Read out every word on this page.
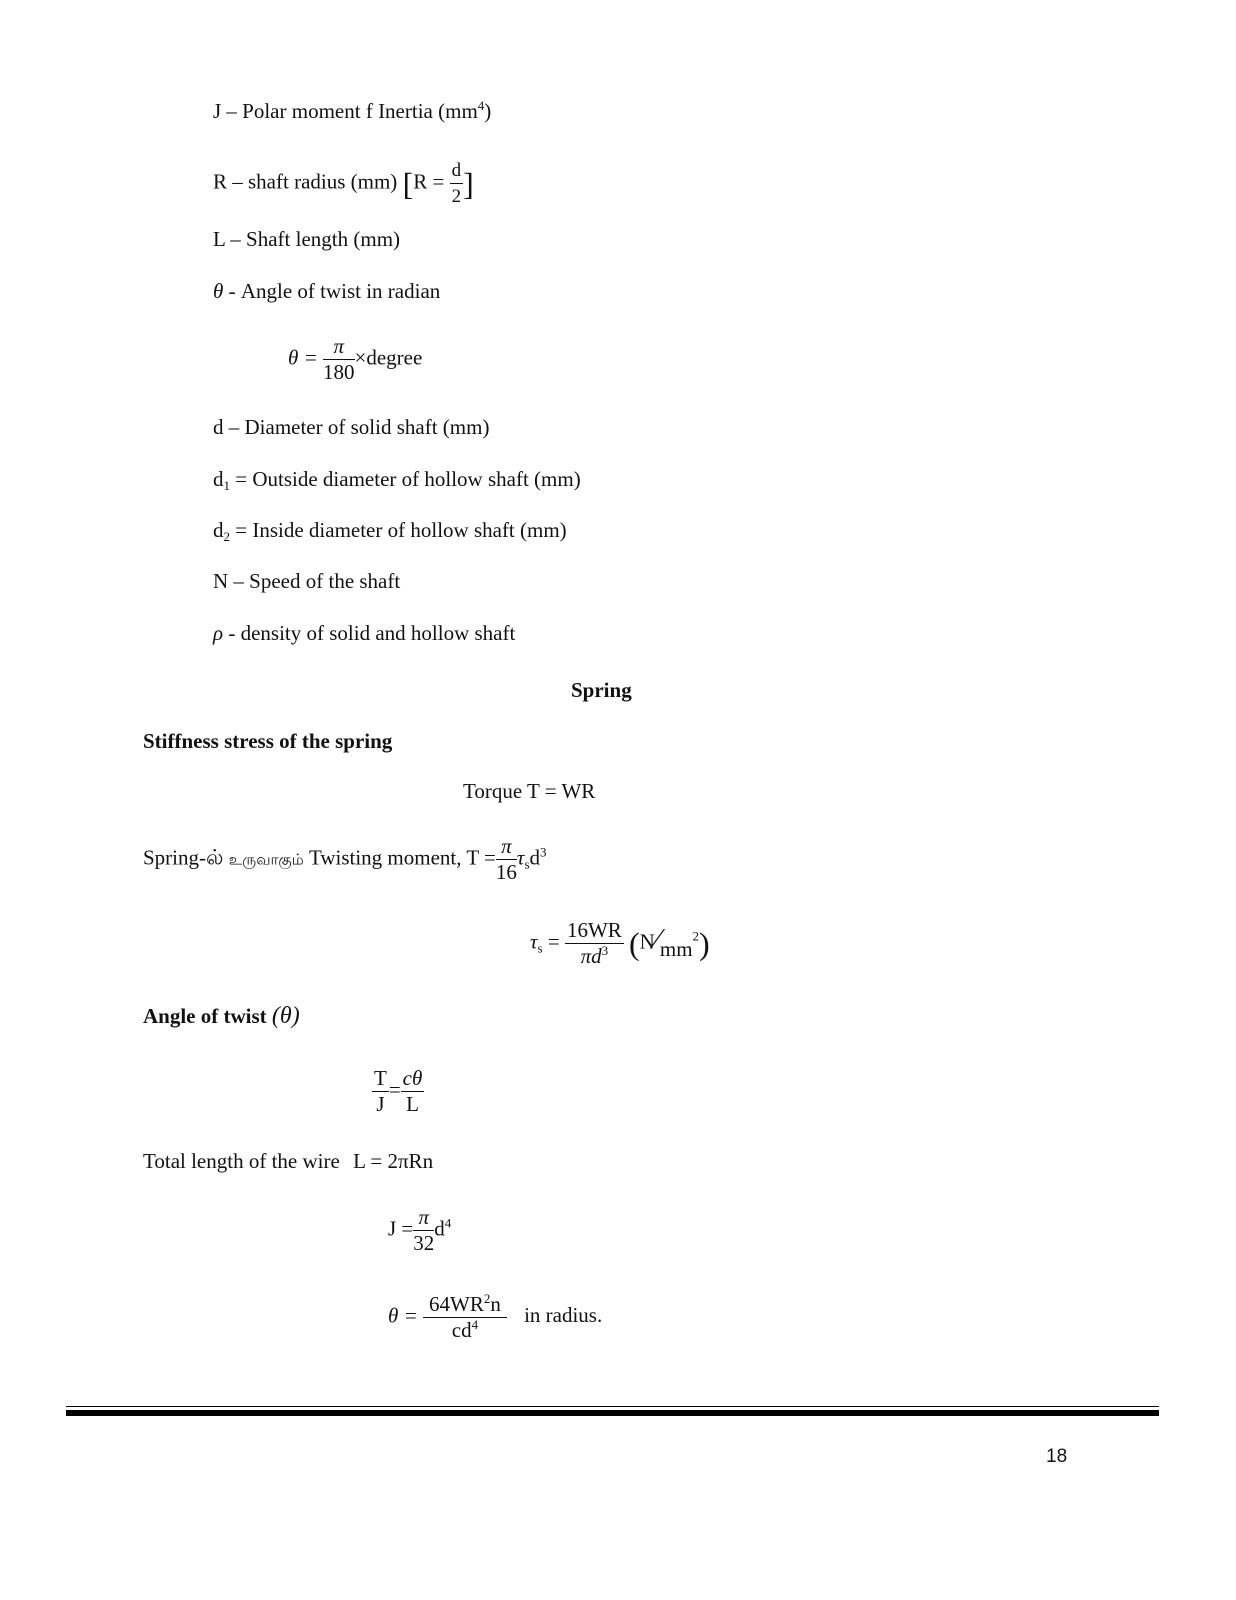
J – Polar moment f Inertia $(mm^4)$
R – shaft radius (mm) [$R = \frac{d}{2}$ ]
L – Shaft length (mm)
θ - Angle of twist in radian
$\theta = \frac{\pi}{180}$ ×degree
d – Diameter of solid shaft (mm)
$d_1$ = Outside diameter of hollow shaft (mm)
$d_2$ = Inside diameter of hollow shaft (mm)
N – Speed of the shaft
ρ - density of solid and hollow shaft
Spring
Stiffness stress of the spring
Torque T = WR
Spring-ல் உருவாகும் Twisting moment, $T = \frac{\pi}{16} \tau_sd^3$
$\tau_s = \frac{16WR}{\pi d^3}$ $(N⁄mm^2)$
Angle of twist (θ)
$\frac{T}{J} = \frac{c\theta}{L}$
Total length of the wire L = 2πRn
$J = \frac{\pi}{32} d^4$
$\theta = \frac{64WR^2n}{cd^4}$ in radius.
18
